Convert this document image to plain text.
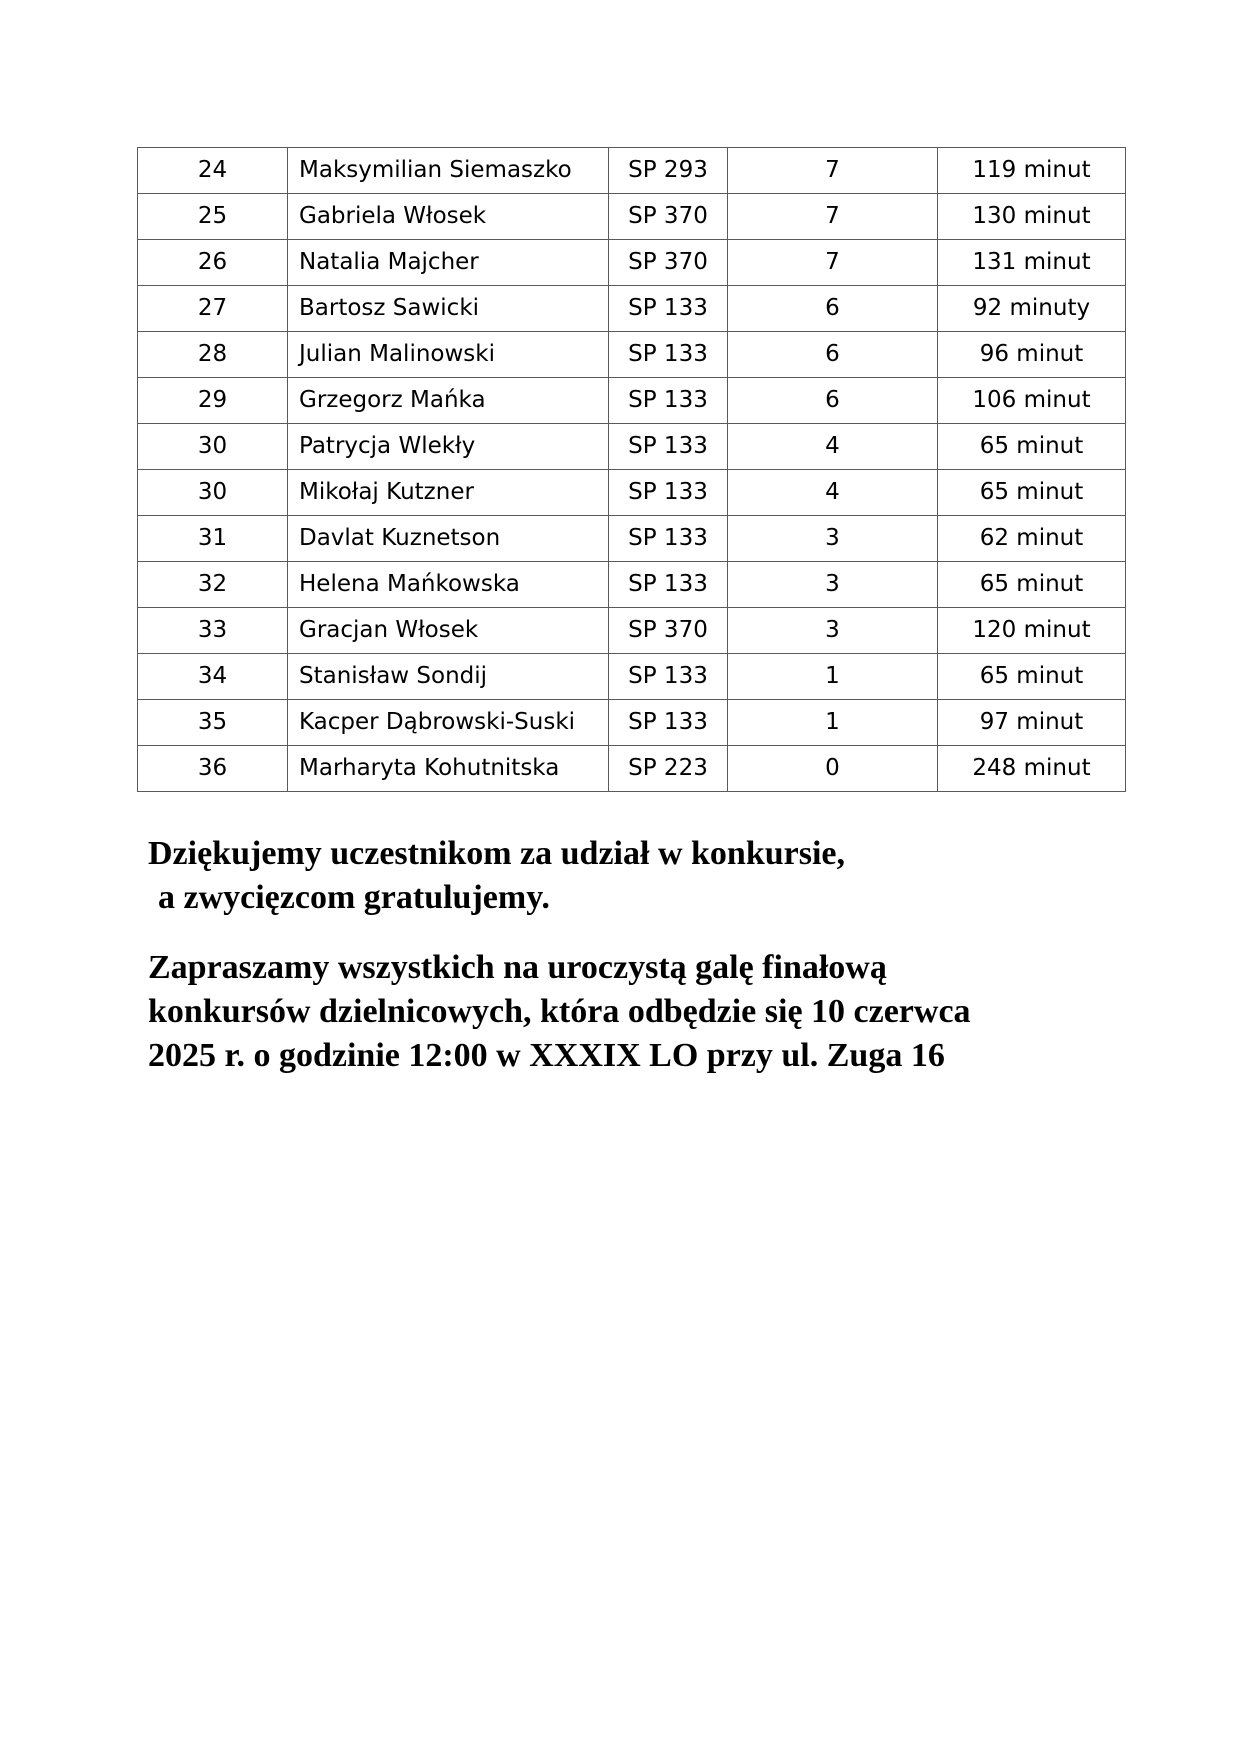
24	Maksymilian Siemaszko	SP 293	7	119 minut
25	Gabriela Włosek	SP 370	7	130 minut
26	Natalia Majcher	SP 370	7	131 minut
27	Bartosz Sawicki	SP 133	6	92 minuty
28	Julian Malinowski	SP 133	6	96 minut
29	Grzegorz Mańka	SP 133	6	106 minut
30	Patrycja Wlekły	SP 133	4	65 minut
30	Mikołaj Kutzner	SP 133	4	65 minut
31	Davlat Kuznetson	SP 133	3	62 minut
32	Helena Mańkowska	SP 133	3	65 minut
33	Gracjan Włosek	SP 370	3	120 minut
34	Stanisław Sondij	SP 133	1	65 minut
35	Kacper Dąbrowski-Suski	SP 133	1	97 minut
36	Marharyta Kohutnitska	SP 223	0	248 minut

Dziękujemy uczestnikom za udział w konkursie,
a zwycięzcom gratulujemy.

Zapraszamy wszystkich na uroczystą galę finałową
konkursów dzielnicowych, która odbędzie się 10 czerwca
2025 r. o godzinie 12:00 w XXXIX LO przy ul. Zuga 16
